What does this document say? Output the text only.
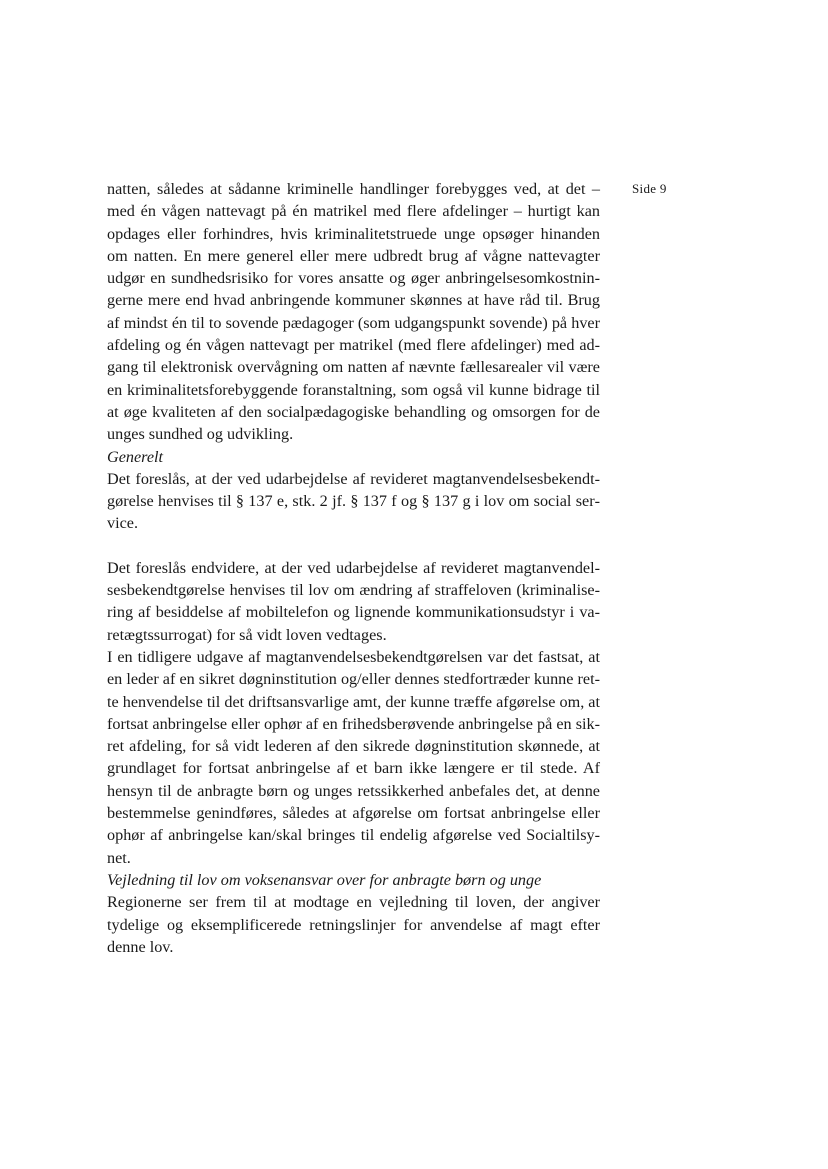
Side 9

natten, således at sådanne kriminelle handlinger forebygges ved, at det – med én vågen nattevagt på én matrikel med flere afdelinger – hurtigt kan opdages eller forhindres, hvis kriminalitetstruede unge opsøger hinanden om natten. En mere generel eller mere udbredt brug af vågne nattevagter udgør en sundhedsrisiko for vores ansatte og øger anbringelsesomkostningerne mere end hvad anbringende kommuner skønnes at have råd til. Brug af mindst én til to sovende pædagoger (som udgangspunkt sovende) på hver afdeling og én vågen nattevagt per matrikel (med flere afdelinger) med adgang til elektronisk overvågning om natten af nævnte fællesarealer vil være en kriminalitetsforebyggende foranstaltning, som også vil kunne bidrage til at øge kvaliteten af den socialpædagogiske behandling og omsorgen for de unges sundhed og udvikling.

Generelt

Det foreslås, at der ved udarbejdelse af revideret magtanvendelsesbekendtgørelse henvises til § 137 e, stk. 2 jf. § 137 f og § 137 g i lov om social service.

Det foreslås endvidere, at der ved udarbejdelse af revideret magtanvendelsesbekendtgørelse henvises til lov om ændring af straffeloven (kriminalisering af besiddelse af mobiltelefon og lignende kommunikationsudstyr i varetægtssurrogat) for så vidt loven vedtages.

I en tidligere udgave af magtanvendelsesbekendtgørelsen var det fastsat, at en leder af en sikret døgninstitution og/eller dennes stedfortræder kunne rette henvendelse til det driftsansvarlige amt, der kunne træffe afgørelse om, at fortsat anbringelse eller ophør af en frihedsberøvende anbringelse på en sikret afdeling, for så vidt lederen af den sikrede døgninstitution skønnede, at grundlaget for fortsat anbringelse af et barn ikke længere er til stede. Af hensyn til de anbragte børn og unges retssikkerhed anbefales det, at denne bestemmelse genindføres, således at afgørelse om fortsat anbringelse eller ophør af anbringelse kan/skal bringes til endelig afgørelse ved Socialtilsynet.

Vejledning til lov om voksenansvar over for anbragte børn og unge

Regionerne ser frem til at modtage en vejledning til loven, der angiver tydelige og eksemplificerede retningslinjer for anvendelse af magt efter denne lov.
